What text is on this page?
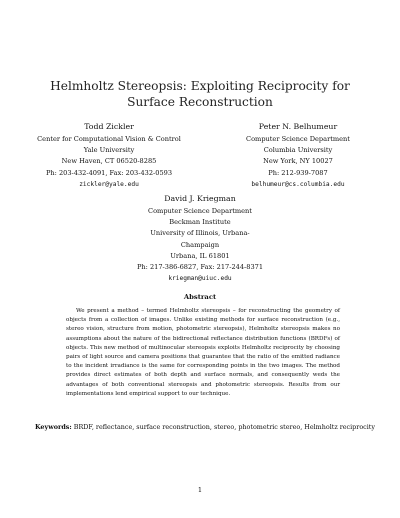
Helmholtz Stereopsis: Exploiting Reciprocity for
Surface Reconstruction
Todd Zickler
Center for Computational Vision & Control
Yale University
New Haven, CT 06520-8285
Ph: 203-432-4091, Fax: 203-432-0593
zickler@yale.edu
Peter N. Belhumeur
Computer Science Department
Columbia University
New York, NY 10027
Ph: 212-939-7087
belhumeur@cs.columbia.edu
David J. Kriegman
Computer Science Department
Beckman Institute
University of Illinois, Urbana-Champaign
Urbana, IL 61801
Ph: 217-386-6827, Fax: 217-244-8371
kriegman@uiuc.edu
Abstract
We present a method – termed Helmholtz stereopsis – for reconstructing the geometry of objects from a collection of images. Unlike existing methods for surface reconstruction (e.g., stereo vision, structure from motion, photometric stereopsis), Helmholtz stereopsis makes no assumptions about the nature of the bidirectional reflectance distribution functions (BRDFs) of objects. This new method of multinocular stereopsis exploits Helmholtz reciprocity by choosing pairs of light source and camera positions that guarantee that the ratio of the emitted radiance to the incident irradiance is the same for corresponding points in the two images. The method provides direct estimates of both depth and surface normals, and consequently weds the advantages of both conventional stereopsis and photometric stereopsis. Results from our implementations lend empirical support to our technique.
Keywords: BRDF, reflectance, surface reconstruction, stereo, photometric stereo, Helmholtz reciprocity
1
